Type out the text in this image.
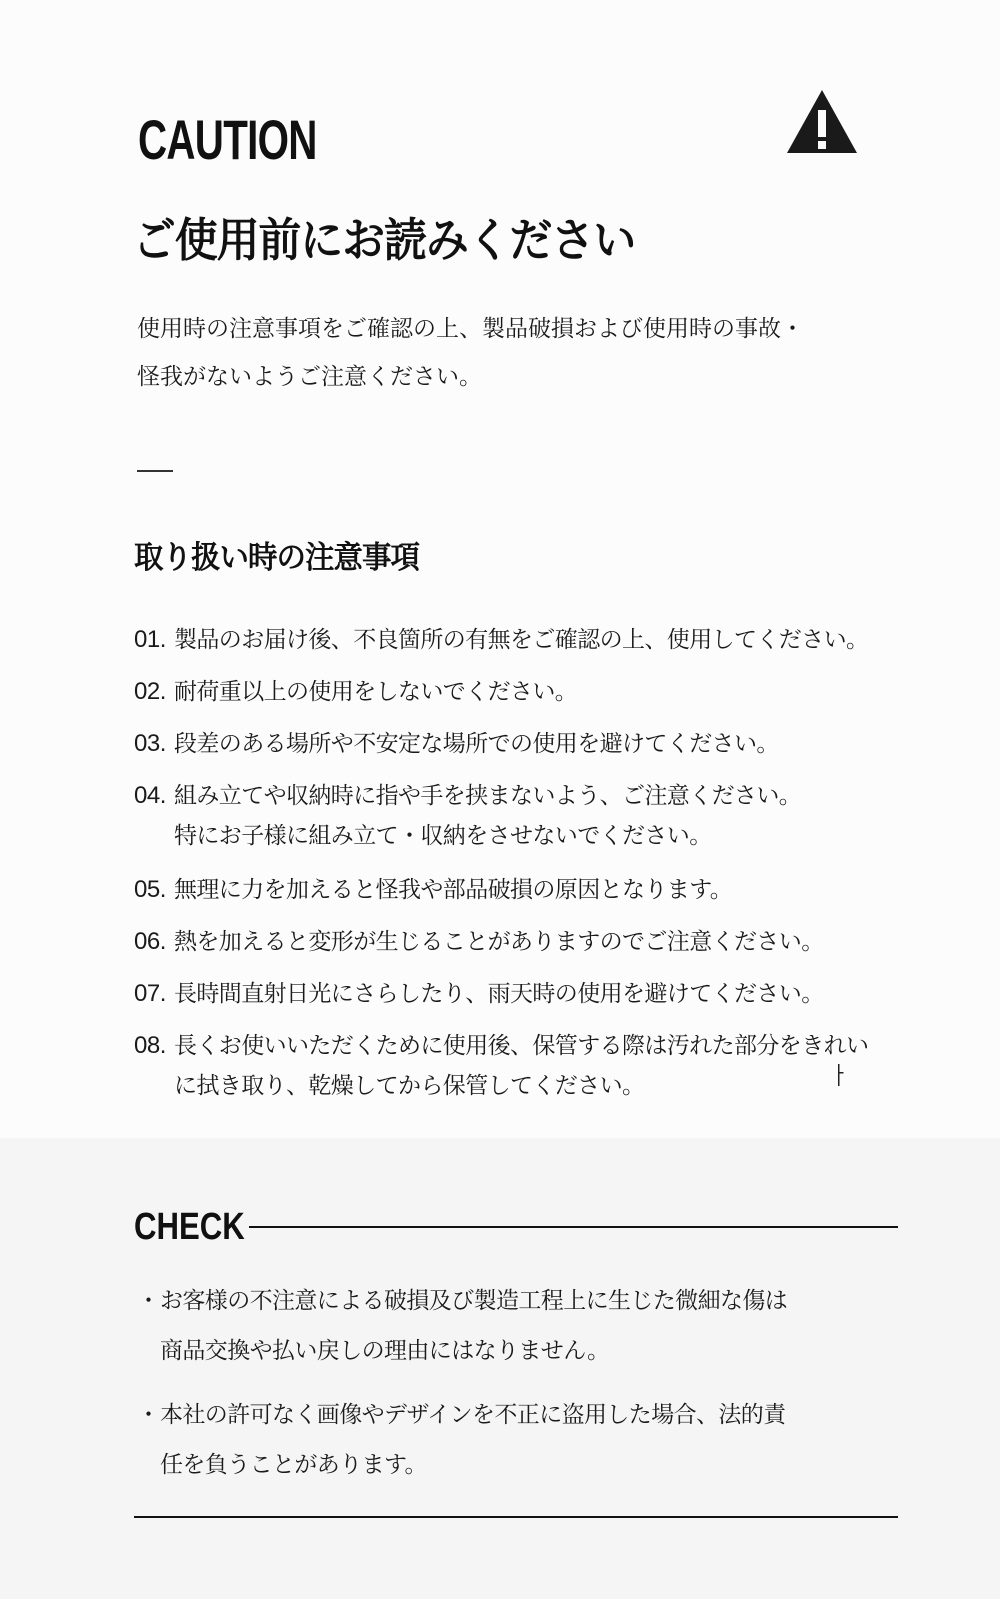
CAUTION
ご使用前にお読みください
使用時の注意事項をご確認の上、製品破損および使用時の事故・
怪我がないようご注意ください。
取り扱い時の注意事項
01. 製品のお届け後、不良箇所の有無をご確認の上、使用してください。
02. 耐荷重以上の使用をしないでください。
03. 段差のある場所や不安定な場所での使用を避けてください。
04. 組み立てや収納時に指や手を挟まないよう、ご注意ください。
特にお子様に組み立て・収納をさせないでください。
05. 無理に力を加えると怪我や部品破損の原因となります。
06. 熱を加えると変形が生じることがありますのでご注意ください。
07. 長時間直射日光にさらしたり、雨天時の使用を避けてください。
08. 長くお使いいただくために使用後、保管する際は汚れた部分をきれい
に拭き取り、乾燥してから保管してください。
CHECK
・ お客様の不注意による破損及び製造工程上に生じた微細な傷は
商品交換や払い戻しの理由にはなりません。
・ 本社の許可なく画像やデザインを不正に盗用した場合、法的責
任を負うことがあります。
